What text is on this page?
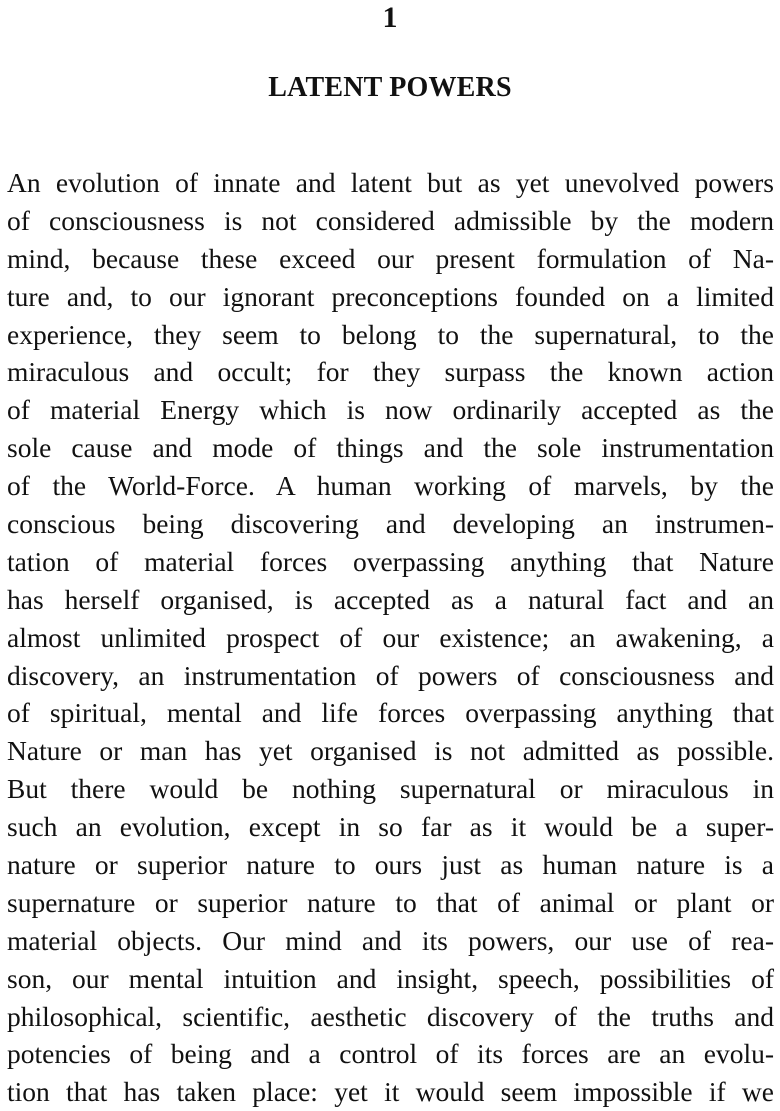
1
LATENT POWERS
An evolution of innate and latent but as yet unevolved powers
of consciousness is not considered admissible by the modern
mind, because these exceed our present formulation of Na-
ture and, to our ignorant preconceptions founded on a limited
experience, they seem to belong to the supernatural, to the
miraculous and occult; for they surpass the known action
of material Energy which is now ordinarily accepted as the
sole cause and mode of things and the sole instrumentation
of the World-Force. A human working of marvels, by the
conscious being discovering and developing an instrumen-
tation of material forces overpassing anything that Nature
has herself organised, is accepted as a natural fact and an
almost unlimited prospect of our existence; an awakening, a
discovery, an instrumentation of powers of consciousness and
of spiritual, mental and life forces overpassing anything that
Nature or man has yet organised is not admitted as possible.
But there would be nothing supernatural or miraculous in
such an evolution, except in so far as it would be a super-
nature or superior nature to ours just as human nature is a
supernature or superior nature to that of animal or plant or
material objects. Our mind and its powers, our use of rea-
son, our mental intuition and insight, speech, possibilities of
philosophical, scientific, aesthetic discovery of the truths and
potencies of being and a control of its forces are an evolu-
tion that has taken place: yet it would seem impossible if we
